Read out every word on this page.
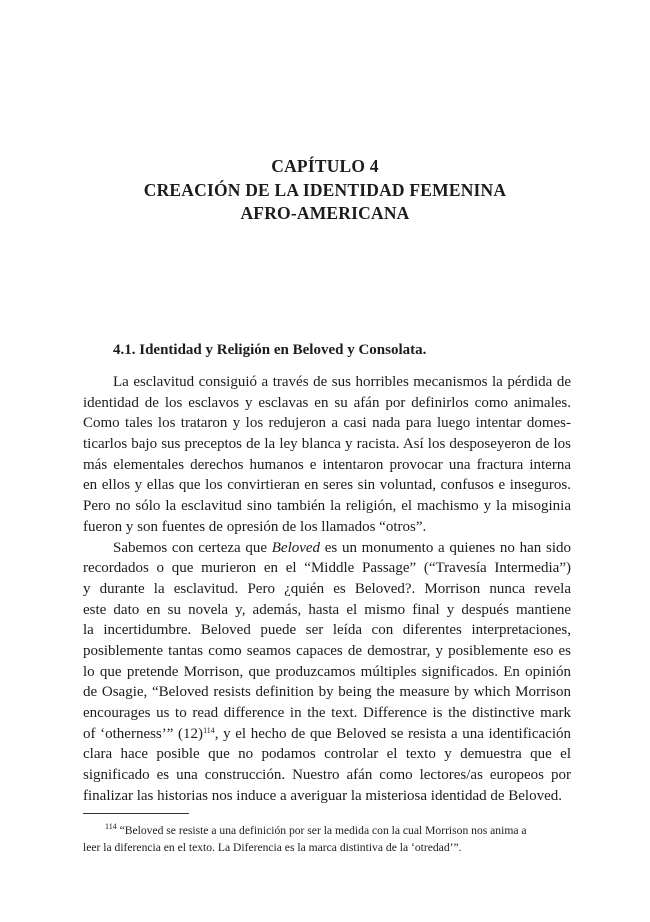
CAPÍTULO 4
CREACIÓN DE LA IDENTIDAD FEMENINA
AFRO-AMERICANA
4.1. Identidad y Religión en Beloved y Consolata.
La esclavitud consiguió a través de sus horribles mecanismos la pérdida de
identidad de los esclavos y esclavas en su afán por definirlos como animales.
Como tales los trataron y los redujeron a casi nada para luego intentar domes-
ticarlos bajo sus preceptos de la ley blanca y racista. Así los desposeyeron de los
más elementales derechos humanos e intentaron provocar una fractura interna
en ellos y ellas que los convirtieran en seres sin voluntad, confusos e inseguros.
Pero no sólo la esclavitud sino también la religión, el machismo y la misoginia
fueron y son fuentes de opresión de los llamados “otros”.
Sabemos con certeza que Beloved es un monumento a quienes no han sido
recordados o que murieron en el “Middle Passage” (“Travesía Intermedia”)
y durante la esclavitud. Pero ¿quién es Beloved?. Morrison nunca revela
este dato en su novela y, además, hasta el mismo final y después mantiene
la incertidumbre. Beloved puede ser leída con diferentes interpretaciones,
posiblemente tantas como seamos capaces de demostrar, y posiblemente eso es
lo que pretende Morrison, que produzcamos múltiples significados. En opinión
de Osagie, “Beloved resists definition by being the measure by which Morrison
encourages us to read difference in the text. Difference is the distinctive mark
of ‘otherness’” $(12)^{114}$, y el hecho de que Beloved se resista a una identificación
clara hace posible que no podamos controlar el texto y demuestra que el
significado es una construcción. Nuestro afán como lectores/as europeos por
finalizar las historias nos induce a averiguar la misteriosa identidad de Beloved.
$^{114}$ “Beloved se resiste a una definición por ser la medida con la cual Morrison nos anima a
leer la diferencia en el texto. La Diferencia es la marca distintiva de la ‘otredad’”.
